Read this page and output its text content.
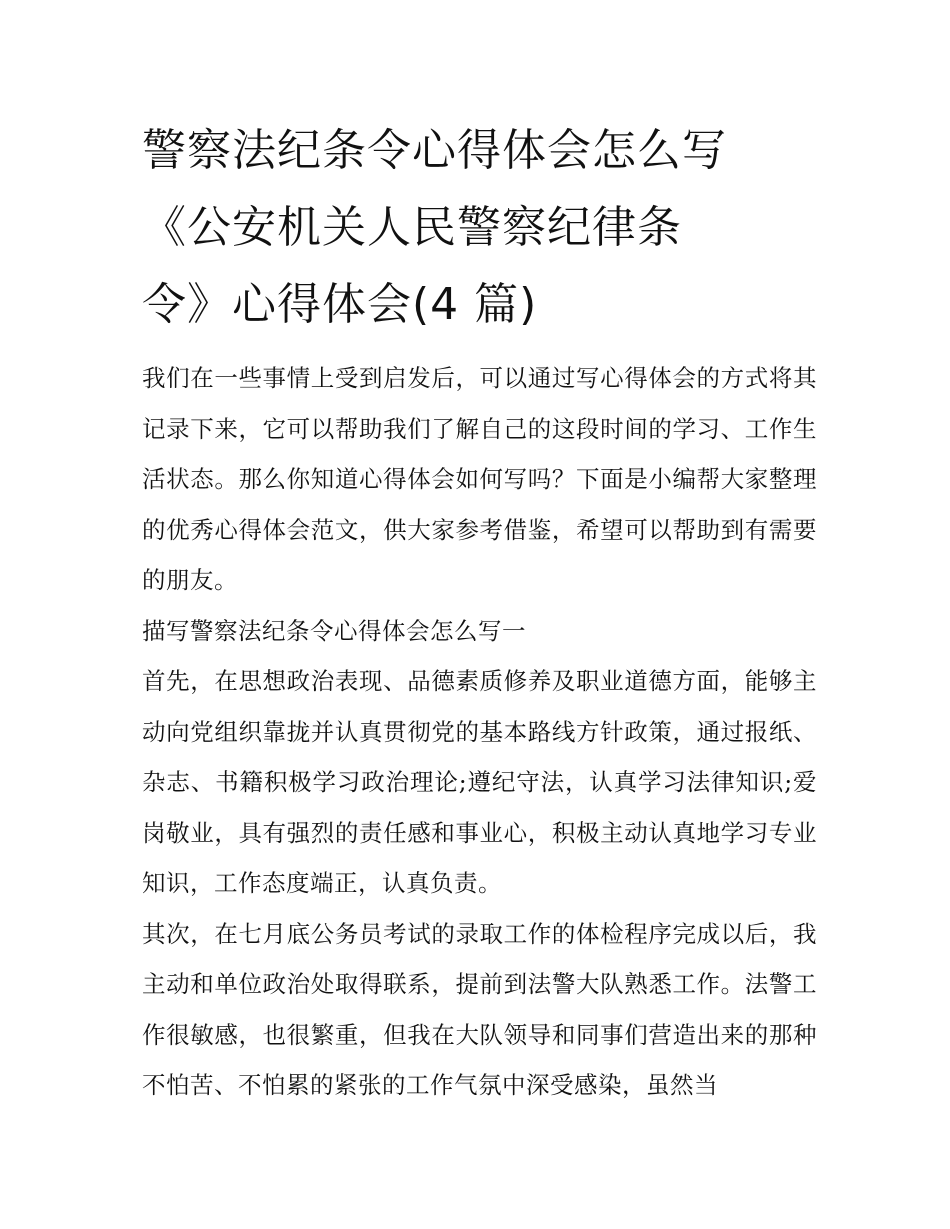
警察法纪条令心得体会怎么写
《公安机关人民警察纪律条
令》心得体会(4 篇)

我们在一些事情上受到启发后，可以通过写心得体会的方式将其记录下来，它可以帮助我们了解自己的这段时间的学习、工作生活状态。那么你知道心得体会如何写吗？下面是小编帮大家整理的优秀心得体会范文，供大家参考借鉴，希望可以帮助到有需要的朋友。

描写警察法纪条令心得体会怎么写一

首先，在思想政治表现、品德素质修养及职业道德方面，能够主动向党组织靠拢并认真贯彻党的基本路线方针政策，通过报纸、杂志、书籍积极学习政治理论;遵纪守法，认真学习法律知识;爱岗敬业，具有强烈的责任感和事业心，积极主动认真地学习专业知识，工作态度端正，认真负责。

其次，在七月底公务员考试的录取工作的体检程序完成以后，我主动和单位政治处取得联系，提前到法警大队熟悉工作。法警工作很敏感，也很繁重，但我在大队领导和同事们营造出来的那种不怕苦、不怕累的紧张的工作气氛中深受感染，虽然当
